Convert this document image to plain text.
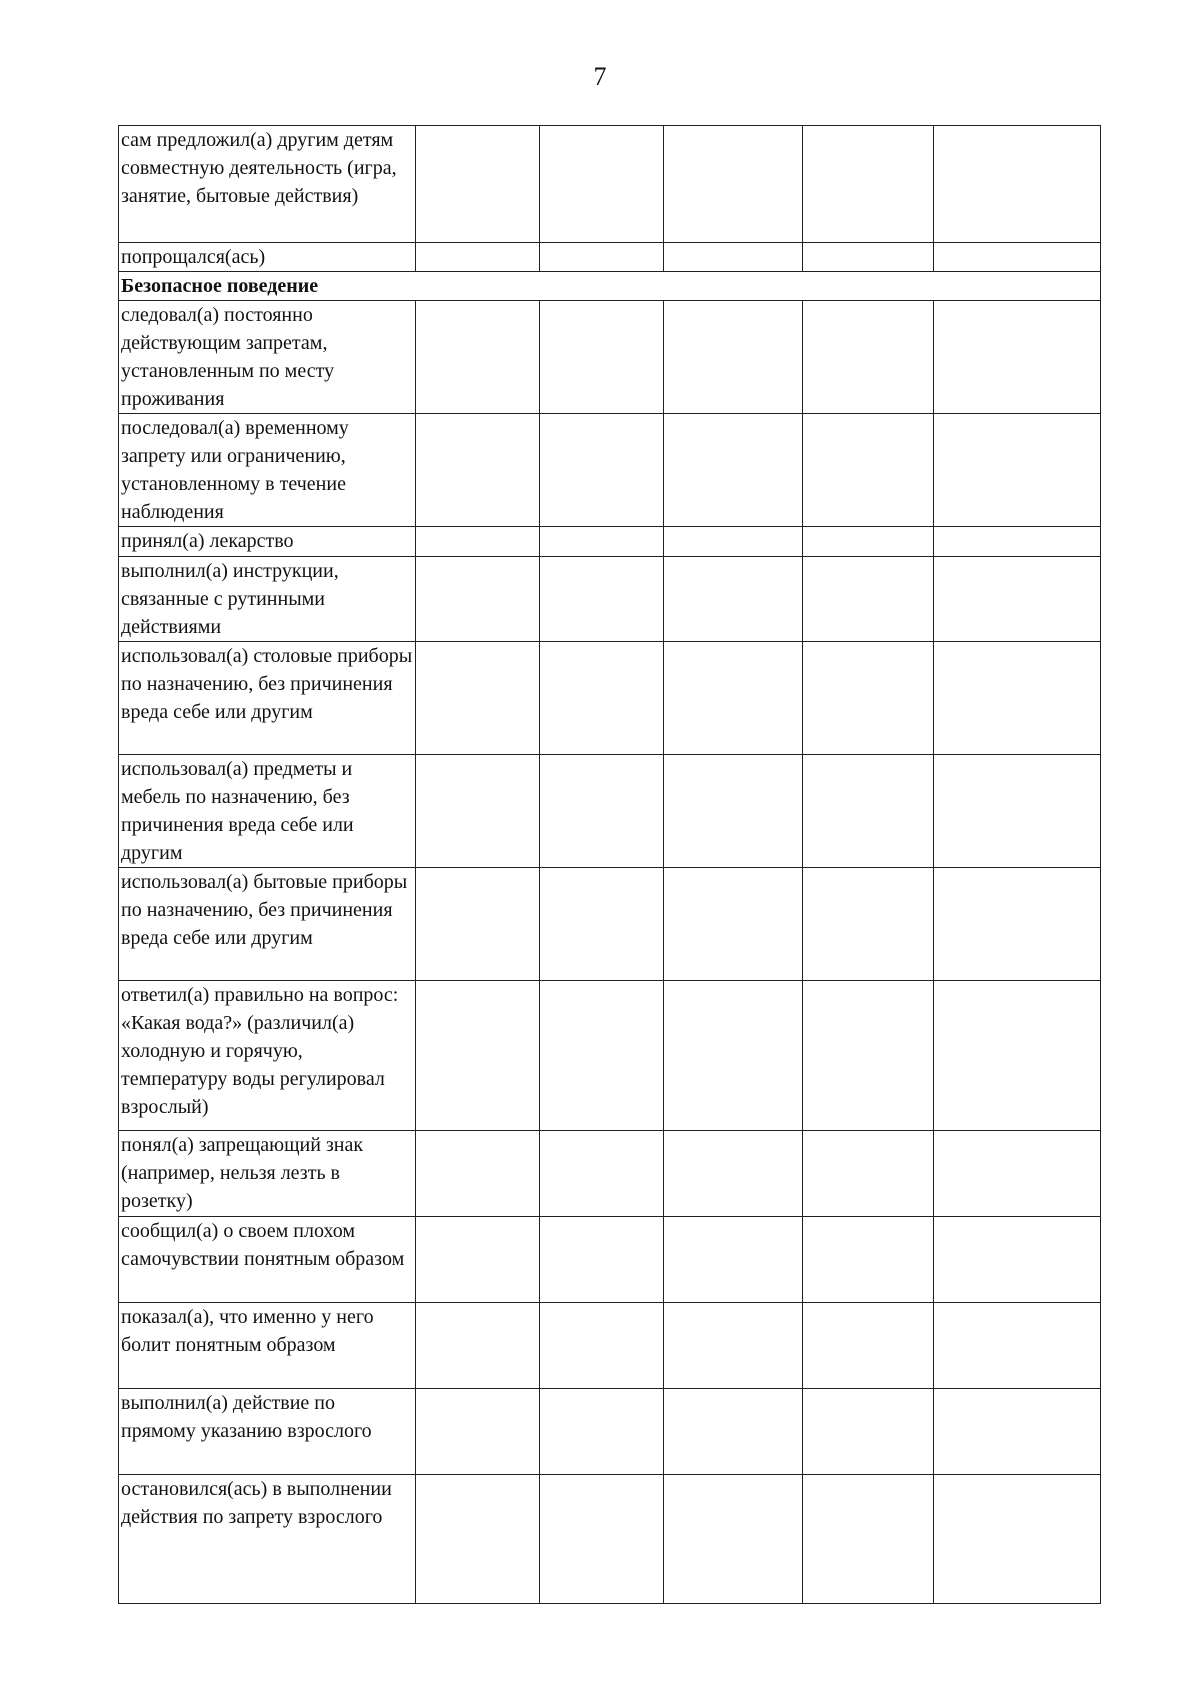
7
сам предложил(а) другим детям совместную деятельность (игра, занятие, бытовые действия)					
попрощался(ась)					
Безопасное поведение					
следовал(а) постоянно действующим запретам, установленным по месту проживания					
последовал(а) временному запрету или ограничению, установленному в течение наблюдения					
принял(а) лекарство					
выполнил(а) инструкции, связанные с рутинными действиями					
использовал(а) столовые приборы по назначению, без причинения вреда себе или другим					
использовал(а) предметы и мебель по назначению, без причинения вреда себе или другим					
использовал(а) бытовые приборы по назначению, без причинения вреда себе или другим					
ответил(а) правильно на вопрос: «Какая вода?» (различил(а) холодную и горячую, температуру воды регулировал взрослый)					
понял(а) запрещающий знак (например, нельзя лезть в розетку)					
сообщил(а) о своем плохом самочувствии понятным образом					
показал(а), что именно у него болит понятным образом					
выполнил(а) действие по прямому указанию взрослого					
остановился(ась) в выполнении действия по запрету взрослого					
